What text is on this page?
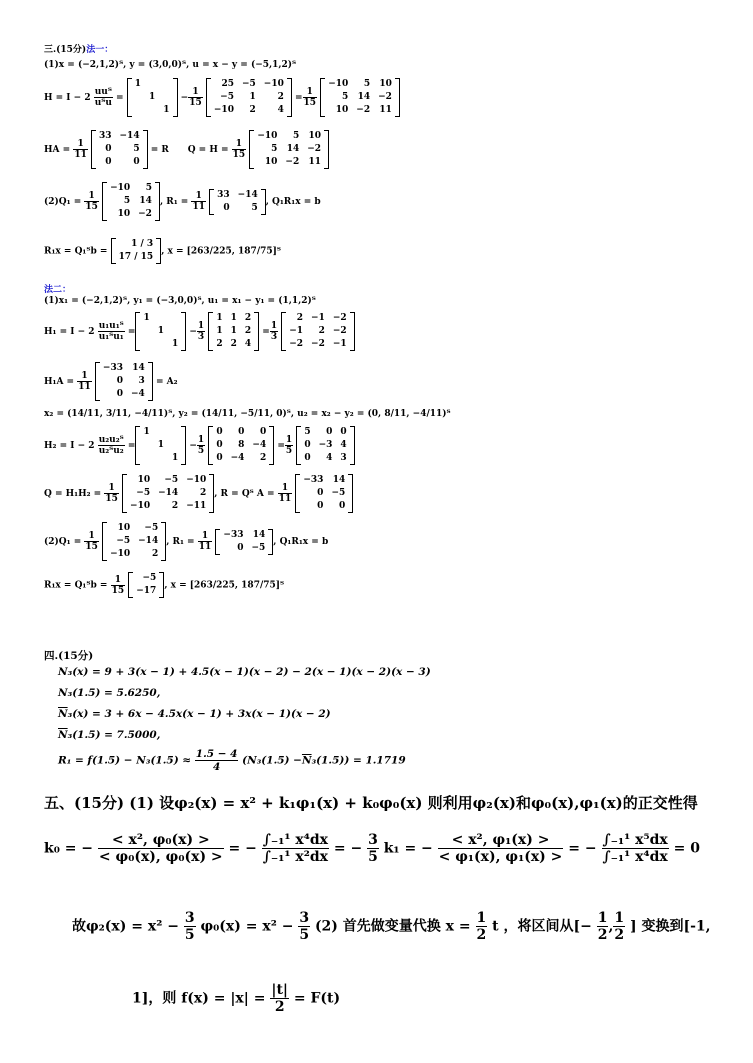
三.(15分)法一：
(1)x = (−2,1,2)ᵀ, y = (3,0,0)ᵀ, u = x − y = (−5,1,2)ᵀ
$H = I - 2 \frac{\text{uuᵀ}}{\text{uᵀu}}$ =
1		
	1	
		1
− $\frac{1}{15}$

25	−5	−10
−5	1	2
−10	2	4
= $\frac{1}{15}$

−10	5	10
5	14	−2
10	−2	11
HA = $\frac{1}{11}$

33	−14
0	5
0	0
= R $Q = H = \frac{1}{15}$

−10	5	10
5	14	−2
10	−2	11
$(2)Q_1 = \frac{1}{15}$

−10	5
5	14
10	−2
, $R_1 = \frac{1}{11}$
33	−14
0	5
, Q₁R₁x = b
R₁x = Q₁ᵀb =
1 / 3
17 / 15
, x = [263/225, 187/75]ᵀ
法二：
(1)x₁ = (−2,1,2)ᵀ, y₁ = (−3,0,0)ᵀ, u₁ = x₁ − y₁ = (1,1,2)ᵀ
$H_1 = I - 2 \frac{\text{u₁u₁ᵀ}}{\text{u₁ᵀu₁}}$ =
1		
	1	
		1
− $\frac{1}{3}$

1	1	2
1	1	2
2	2	4
= $\frac{1}{3}$

2	−1	−2
−1	2	−2
−2	−2	−1
$H_1A = \frac{1}{11}$

−33	14
0	3
0	−4
= A₂
x₂ = (14/11, 3/11, −4/11)ᵀ, y₂ = (14/11, −5/11, 0)ᵀ, u₂ = x₂ − y₂ = (0, 8/11, −4/11)ᵀ
$H_2 = I - 2 \frac{\text{u₂u₂ᵀ}}{\text{u₂ᵀu₂}}$ =
1		
	1	
		1
− $\frac{1}{5}$

0	0	0
0	8	−4
0	−4	2
= $\frac{1}{5}$

5	0	0
0	−3	4
0	4	3
$Q = H_1H_2 = \frac{1}{15}$

10	−5	−10
−5	−14	2
−10	2	−11
, R = Qᵀ $A = \frac{1}{11}$

−33	14
0	−5
0	0
$(2)Q_1 = \frac{1}{15}$

10	−5
−5	−14
−10	2
, $R_1 = \frac{1}{11}$
−33	14
0	−5
, Q₁R₁x = b
R₁x = Q₁ᵀb = $\frac{1}{15}$
−5
−17
, x = [263/225, 187/75]ᵀ
四.(15分)
N₃(x) = 9 + 3(x − 1) + 4.5(x − 1)(x − 2) − 2(x − 1)(x − 2)(x − 3)
N₃(1.5) = 5.6250,
$\overline{N}_3(x) = 3 + 6x - 4.5x(x - 1) + 3x(x - 1)(x - 2)$
$\overline{N}_3(1.5) = 7.5000$,
$R_1 = f(1.5) - N_3(1.5) \approx \frac{1.5 - 4}{4} (N_3(1.5) -\overline{N}_3(1.5)) = 1.1719$
五、(15分) (1) 设φ₂(x) = x² + k₁φ₁(x) + k₀φ₀(x) 则利用φ₂(x)和φ₀(x),φ₁(x)的正交性得
k₀ = − $\frac{\text{< x², φ₀(x) >}}{\text{< φ₀(x), φ₀(x) >}}$ = − $\frac{\text{∫₋₁¹ x⁴dx}}{\text{∫₋₁¹ x²dx}}$ = − $\frac{3}{5} k_1$ = − $\frac{\text{< x², φ₁(x) >}}{\text{< φ₁(x), φ₁(x) >}}$ = − $\frac{\text{∫₋₁¹ x⁵dx}}{\text{∫₋₁¹ x⁴dx}} = 0$
故$\varphi_2(x) = x^2 - \frac{3}{5} \varphi_0(x) = x^2 - \frac{3}{5} (2)$ 首先做变量代换 $x = \frac{1}{2}$ t ，将区间从[− $\frac{1}{2}$ , $\frac{1}{2}$ ] 变换到[-1,
1]，则 $f(x) = |x| = \frac{|t|}{2} = F(t)$
